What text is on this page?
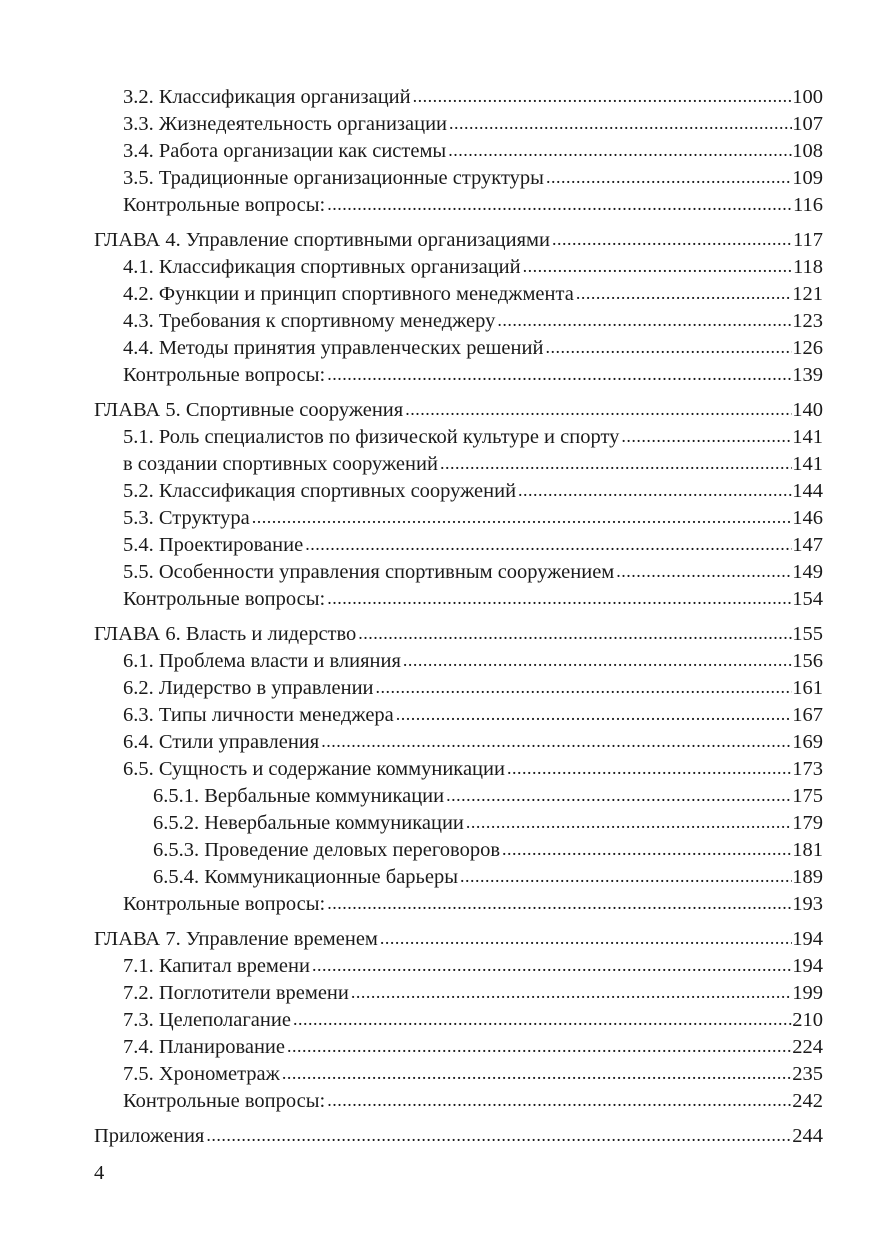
3.2. Классификация организаций .....	100
3.3. Жизнедеятельность организации .....	107
3.4. Работа организации как системы .....	108
3.5. Традиционные организационные структуры .....	109
Контрольные вопросы: .....	116
ГЛАВА 4. Управление спортивными организациями .....	117
4.1. Классификация спортивных организаций .....	118
4.2. Функции и принцип спортивного менеджмента .....	121
4.3. Требования к спортивному менеджеру .....	123
4.4. Методы принятия управленческих решений .....	126
Контрольные вопросы: .....	139
ГЛАВА 5. Спортивные сооружения .....	140
5.1. Роль специалистов по физической культуре и спорту .....	141
в создании спортивных сооружений .....	141
5.2. Классификация спортивных сооружений .....	144
5.3. Структура .....	146
5.4. Проектирование .....	147
5.5. Особенности управления спортивным сооружением .....	149
Контрольные вопросы: .....	154
ГЛАВА 6. Власть и лидерство .....	155
6.1. Проблема власти и влияния .....	156
6.2. Лидерство в управлении .....	161
6.3. Типы личности менеджера .....	167
6.4. Стили управления .....	169
6.5. Сущность и содержание коммуникации .....	173
6.5.1. Вербальные коммуникации .....	175
6.5.2. Невербальные коммуникации .....	179
6.5.3. Проведение деловых переговоров .....	181
6.5.4. Коммуникационные барьеры .....	189
Контрольные вопросы: .....	193
ГЛАВА 7. Управление временем .....	194
7.1. Капитал времени .....	194
7.2. Поглотители времени .....	199
7.3. Целеполагание .....	210
7.4. Планирование .....	224
7.5. Хронометраж .....	235
Контрольные вопросы: .....	242
Приложения .....	244
4
